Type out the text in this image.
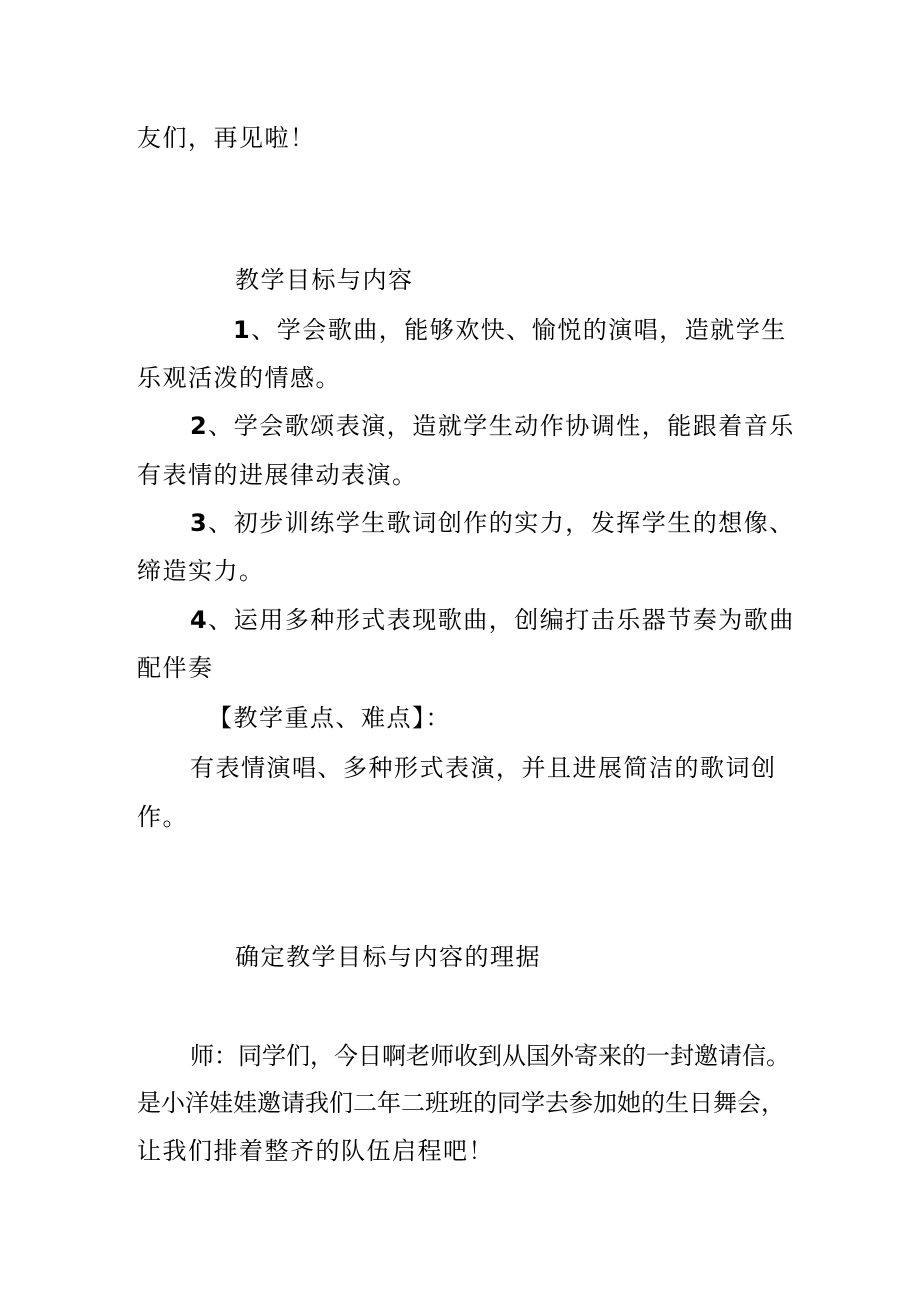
友们，再见啦！
教学目标与内容
1、学会歌曲，能够欢快、愉悦的演唱，造就学生
乐观活泼的情感。
2、学会歌颂表演，造就学生动作协调性，能跟着音乐
有表情的进展律动表演。
3、初步训练学生歌词创作的实力，发挥学生的想像、
缔造实力。
4、运用多种形式表现歌曲，创编打击乐器节奏为歌曲
配伴奏
【教学重点、难点】：
有表情演唱、多种形式表演，并且进展简洁的歌词创
作。
确定教学目标与内容的理据
师：同学们，今日啊老师收到从国外寄来的一封邀请信。
是小洋娃娃邀请我们二年二班班的同学去参加她的生日舞会，
让我们排着整齐的队伍启程吧！
